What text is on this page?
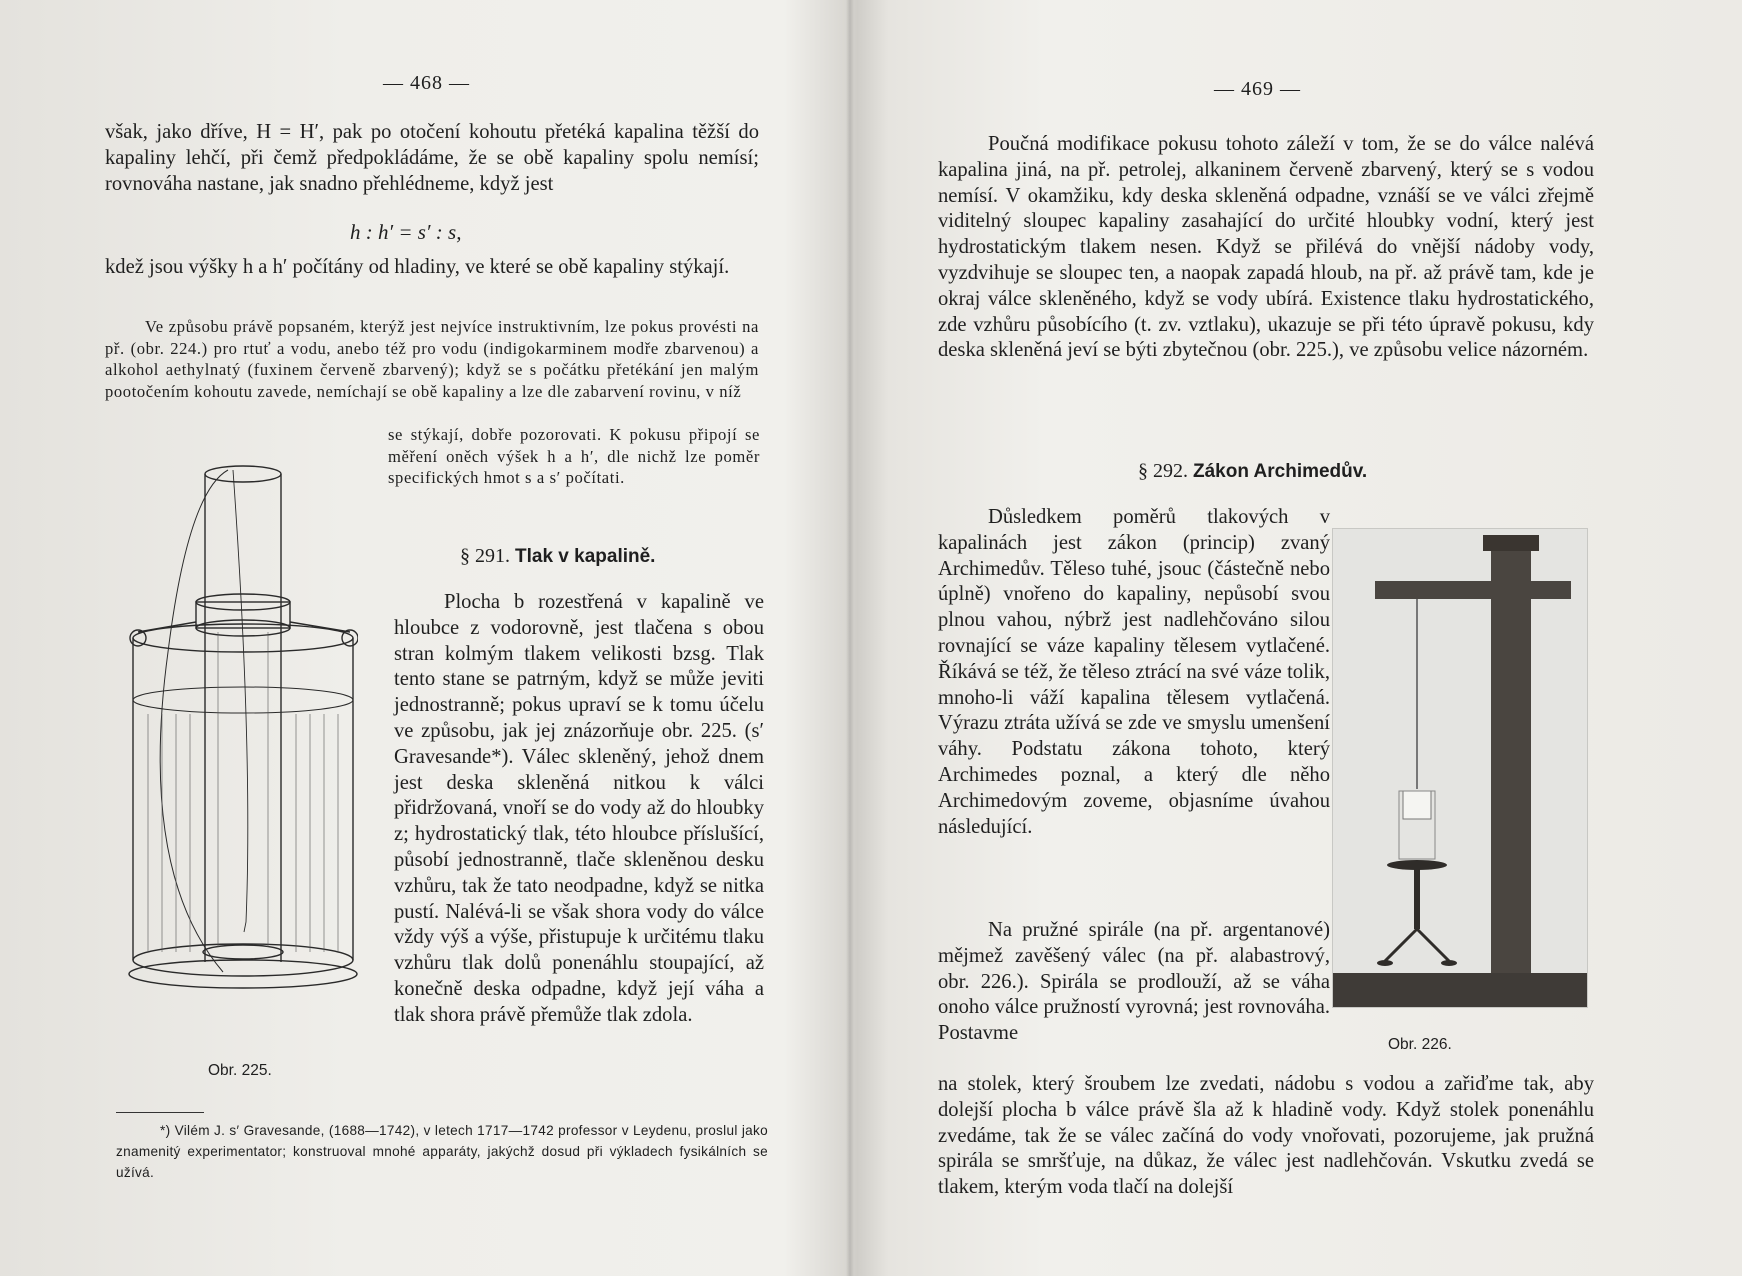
— 468 —

však, jako dříve, H = H′, pak po otočení kohoutu přetéká kapalina těžší do kapaliny lehčí, při čemž předpokládáme, že se obě kapaliny spolu nemísí; rovnováha nastane, jak snadno přehlédneme, když jest

h : h′ = s′ : s,

kdež jsou výšky h a h′ počítány od hladiny, ve které se obě kapaliny stýkají.

Ve způsobu právě popsaném, kterýž jest nejvíce instruktivním, lze pokus provésti na př. (obr. 224.) pro rtuť a vodu, anebo též pro vodu (indigokarminem modře zbarvenou) a alkohol aethylnatý (fuxinem červeně zbarvený); když se s počátku přetékání jen malým pootočením kohoutu zavede, nemíchají se obě kapaliny a lze dle zabarvení rovinu, v níž

se stýkají, dobře pozorovati. K pokusu připojí se měření oněch výšek h a h′, dle nichž lze poměr specifických hmot s a s′ počítati.

Obr. 225.
§ 291. Tlak v kapalině.

Plocha b rozestřená v kapalině ve hloubce z vodorovně, jest tlačena s obou stran kolmým tlakem velikosti bzsg. Tlak tento stane se patrným, když se může jeviti jednostranně; pokus upraví se k tomu účelu ve způsobu, jak jej znázorňuje obr. 225. (s′ Gravesande*). Válec skleněný, jehož dnem jest deska skleněná nitkou k válci přidržovaná, vnoří se do vody až do hloubky z; hydrostatický tlak, této hloubce příslušící, působí jednostranně, tlače skleněnou desku vzhůru, tak že tato neodpadne, když se nitka pustí. Nalévá-li se však shora vody do válce vždy výš a výše, přistupuje k určitému tlaku vzhůru tlak dolů ponenáhlu stoupající, až konečně deska odpadne, když její váha a tlak shora právě přemůže tlak zdola.

*) Vilém J. s′ Gravesande, (1688—1742), v letech 1717—1742 professor v Leydenu, proslul jako znamenitý experimentator; konstruoval mnohé apparáty, jakýchž dosud při výkladech fysikálních se užívá.

— 469 —

Poučná modifikace pokusu tohoto záleží v tom, že se do válce nalévá kapalina jiná, na př. petrolej, alkaninem červeně zbarvený, který se s vodou nemísí. V okamžiku, kdy deska skleněná odpadne, vznáší se ve válci zřejmě viditelný sloupec kapaliny zasahající do určité hloubky vodní, který jest hydrostatickým tlakem nesen. Když se přilévá do vnější nádoby vody, vyzdvihuje se sloupec ten, a naopak zapadá hloub, na př. až právě tam, kde je okraj válce skleněného, když se vody ubírá. Existence tlaku hydrostatického, zde vzhůru působícího (t. zv. vztlaku), ukazuje se při této úpravě pokusu, kdy deska skleněná jeví se býti zbytečnou (obr. 225.), ve způsobu velice názorném.

§ 292. Zákon Archimedův.

Důsledkem poměrů tlakových v kapalinách jest zákon (princip) zvaný Archimedův. Těleso tuhé, jsouc (částečně nebo úplně) vnořeno do kapaliny, nepůsobí svou plnou vahou, nýbrž jest nadlehčováno silou rovnající se váze kapaliny tělesem vytlačené. Říkává se též, že těleso ztrácí na své váze tolik, mnoho-li váží kapalina tělesem vytlačená. Výrazu ztráta užívá se zde ve smyslu umenšení váhy. Podstatu zákona tohoto, který Archimedes poznal, a který dle něho Archimedovým zoveme, objasníme úvahou následující.

Na pružné spirále (na př. argentanové) mějmež zavěšený válec (na př. alabastrový, obr. 226.). Spirála se prodlouží, až se váha onoho válce pružností vyrovná; jest rovnováha. Postavme

na stolek, který šroubem lze zvedati, nádobu s vodou a zařiďme tak, aby dolejší plocha b válce právě šla až k hladině vody. Když stolek ponenáhlu zvedáme, tak že se válec začíná do vody vnořovati, pozorujeme, jak pružná spirála se smršťuje, na důkaz, že válec jest nadlehčován. Vskutku zvedá se tlakem, kterým voda tlačí na dolejší

Obr. 226.
